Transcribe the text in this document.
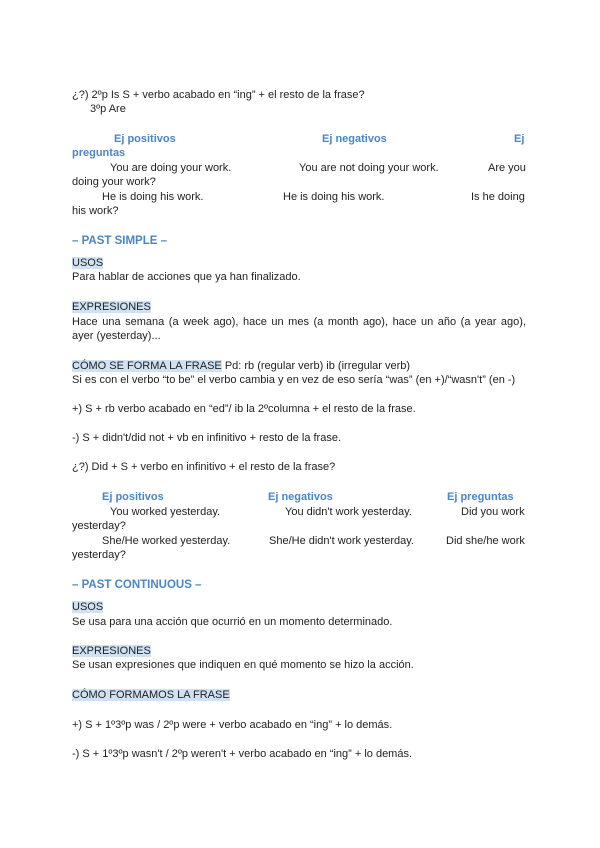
¿?) 2ºp Is S + verbo acabado en “ing” + el resto de la frase?
3ºp Are
Ej positivos	Ej negativos	Ej
preguntas
You are doing your work.	You are not doing your work.	Are you
doing your work?
He is doing his work.	He is doing his work.	Is he doing
his work?
– PAST SIMPLE –
USOS
Para hablar de acciones que ya han finalizado.
EXPRESIONES
Hace una semana (a week ago), hace un mes (a month ago), hace un año (a year ago),
ayer (yesterday)...
CÓMO SE FORMA LA FRASE Pd: rb (regular verb) ib (irregular verb)
Si es con el verbo “to be” el verbo cambia y en vez de eso sería “was” (en +)/“wasn't” (en -)
+) S + rb verbo acabado en “ed”/ ib la 2ºcolumna + el resto de la frase.
-) S + didn't/did not + vb en infinitivo + resto de la frase.
¿?) Did + S + verbo en infinitivo + el resto de la frase?
Ej positivos	Ej negativos	Ej preguntas
You worked yesterday.	You didn't work yesterday.	Did you work
yesterday?
She/He worked yesterday.	She/He didn't work yesterday.	Did she/he work
yesterday?
– PAST CONTINUOUS –
USOS
Se usa para una acción que ocurrió en un momento determinado.
EXPRESIONES
Se usan expresiones que indiquen en qué momento se hizo la acción.
CÓMO FORMAMOS LA FRASE
+) S + 1º3ºp was / 2ºp were + verbo acabado en “ing” + lo demás.
-) S + 1º3ºp wasn't / 2ºp weren't + verbo acabado en “ing” + lo demás.
